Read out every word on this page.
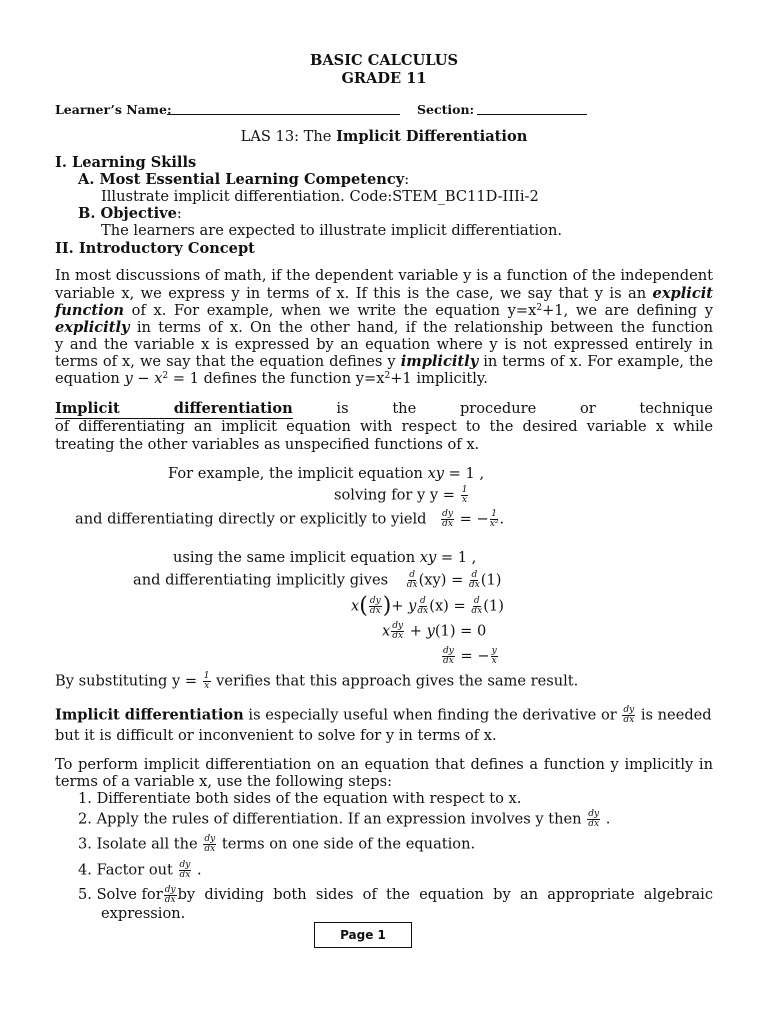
BASIC CALCULUS
GRADE 11
Learner’s Name:	Section:
LAS 13: The Implicit Differentiation
I. Learning Skills
A. Most Essential Learning Competency:
Illustrate implicit differentiation. Code:STEM_BC11D-IIIi-2
B. Objective:
The learners are expected to illustrate implicit differentiation.
II. Introductory Concept
In most discussions of math, if the dependent variable y is a function of the independent
variable x, we express y in terms of x. If this is the case, we say that y is an explicit
function of x. For example, when we write the equation $y=x^2+1$, we are defining y
explicitly in terms of x. On the other hand, if the relationship between the function
y and the variable x is expressed by an equation where y is not expressed entirely in
terms of x, we say that the equation defines y implicitly in terms of x. For example, the
equation $y - x^2 = 1$ defines the function $y=x^2+1$ implicitly.
Implicit	differentiation	is	the	procedure	or	technique
of differentiating an implicit equation with respect to the desired variable x while
treating the other variables as unspecified functions of x.
For example, the implicit equation xy = 1 ,
solving for y $y = \frac{1}{x}$
and differentiating directly or explicitly to yield $\frac{dy}{dx}$ = − $\frac{1}{\text{x²}}$ .
using the same implicit equation xy = 1 ,
and differentiating implicitly gives $\frac{d}{dx} (xy) = \frac{d}{dx} (1)$
$x( \frac{dy}{dx}$ )+ y $\frac{d}{dx} (x) = \frac{d}{dx} (1)$
x $\frac{dy}{dx} + y(1) = 0$
$\frac{dy}{dx}$ = − $\frac{y}{x}$
By substituting $y = \frac{1}{x}$ verifies that this approach gives the same result.
Implicit differentiation is especially useful when finding the derivative or $\frac{dy}{dx}$ is needed
but it is difficult or inconvenient to solve for y in terms of x.
To perform implicit differentiation on an equation that defines a function y implicitly in
terms of a variable x, use the following steps:
1. Differentiate both sides of the equation with respect to x.
2. Apply the rules of differentiation. If an expression involves y then $\frac{dy}{dx}$ .
3. Isolate all the $\frac{dy}{dx}$ terms on one side of the equation.
4. Factor out $\frac{dy}{dx}$ .
5. Solve for $\frac{dy}{dx}$ by dividing both sides of the equation by an appropriate algebraic
expression.
Page 1
